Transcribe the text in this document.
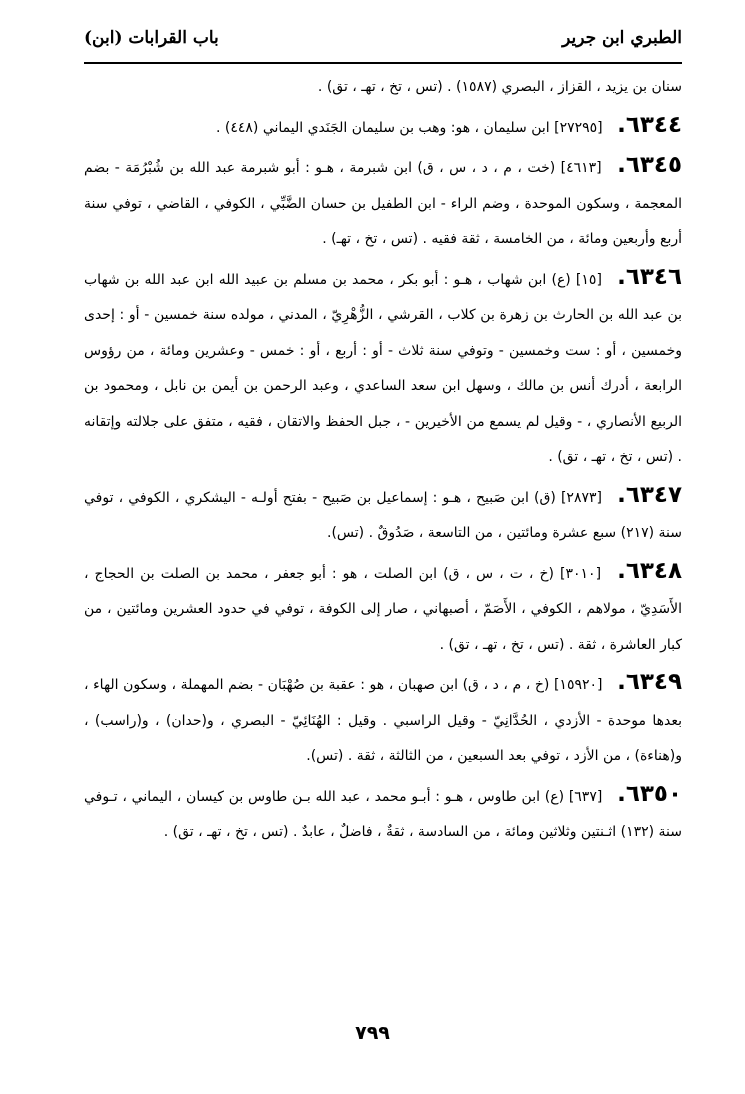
الطبري ابن جرير
باب القرابات (ابن)

سنان بن يزيد ، القزاز ، البصري (١٥٨٧) . (تس ، تخ ، تهـ ، تق) .

٦٣٤٤. [٢٧٢٩٥] ابن سليمان ، هو: وهب بن سليمان الجَنَدي اليماني (٤٤٨) .

٦٣٤٥. [٤٦١٣] (خت ، م ، د ، س ، ق) ابن شبرمة ، هـو : أبو شبرمة عبد الله بن شُبْرُمَة - بضم المعجمة ، وسكون الموحدة ، وضم الراء - ابن الطفيل بن حسان الضَّبِّي ، الكوفي ، القاضي ، توفي سنة أربع وأربعين ومائة ، من الخامسة ، ثقة فقيه . (تس ، تخ ، تهـ) .

٦٣٤٦. [١٥] (ع) ابن شهاب ، هـو : أبو بكر ، محمد بن مسلم بن عبيد الله ابن عبد الله بن شهاب بن عبد الله بن الحارث بن زهرة بن كلاب ، القرشي ، الزُّهْرِيّ ، المدني ، مولده سنة خمسين - أو : إحدى وخمسين ، أو : ست وخمسين - وتوفي سنة ثلاث - أو : أربع ، أو : خمس - وعشرين ومائة ، من رؤوس الرابعة ، أدرك أنس بن مالك ، وسهل ابن سعد الساعدي ، وعبد الرحمن بن أيمن بن نابل ، ومحمود بن الربيع الأنصاري ، - وقيل لم يسمع من الأخيرين - ، جبل الحفظ والاتقان ، فقيه ، متفق على جلالته وإتقانه . (تس ، تخ ، تهـ ، تق) .

٦٣٤٧. [٢٨٧٣] (ق) ابن صَبيح ، هـو : إسماعيل بن صَبيح - بفتح أولـه - اليشكري ، الكوفي ، توفي سنة (٢١٧) سبع عشرة ومائتين ، من التاسعة ، صَدُوقٌ . (تس).

٦٣٤٨. [٣٠١٠] (خ ، ت ، س ، ق) ابن الصلت ، هو : أبو جعفر ، محمد بن الصلت بن الحجاج ، الأَسَدِيّ ، مولاهم ، الكوفي ، الأَصَمّ ، أصبهاني ، صار إلى الكوفة ، توفي في حدود العشرين ومائتين ، من كبار العاشرة ، ثقة . (تس ، تخ ، تهـ ، تق) .

٦٣٤٩. [١٥٩٢٠] (خ ، م ، د ، ق) ابن صهبان ، هو : عقبة بن صُهْبَان - بضم المهملة ، وسكون الهاء ، بعدها موحدة - الأزدي ، الحُدَّانِيّ - وقيل الراسبي . وقيل : الهُنَائِيّ - البصري ، و(حدان) ، و(راسب) ، و(هناءة) ، من الأزد ، توفي بعد السبعين ، من الثالثة ، ثقة . (تس).

٦٣٥٠. [٦٣٧] (ع) ابن طاوس ، هـو : أبـو محمد ، عبد الله بـن طاوس بن كيسان ، اليماني ، تـوفي سنة (١٣٢) اثـنتين وثلاثين ومائة ، من السادسة ، ثقةٌ ، فاضلٌ ، عابدٌ . (تس ، تخ ، تهـ ، تق) .

٧٩٩
